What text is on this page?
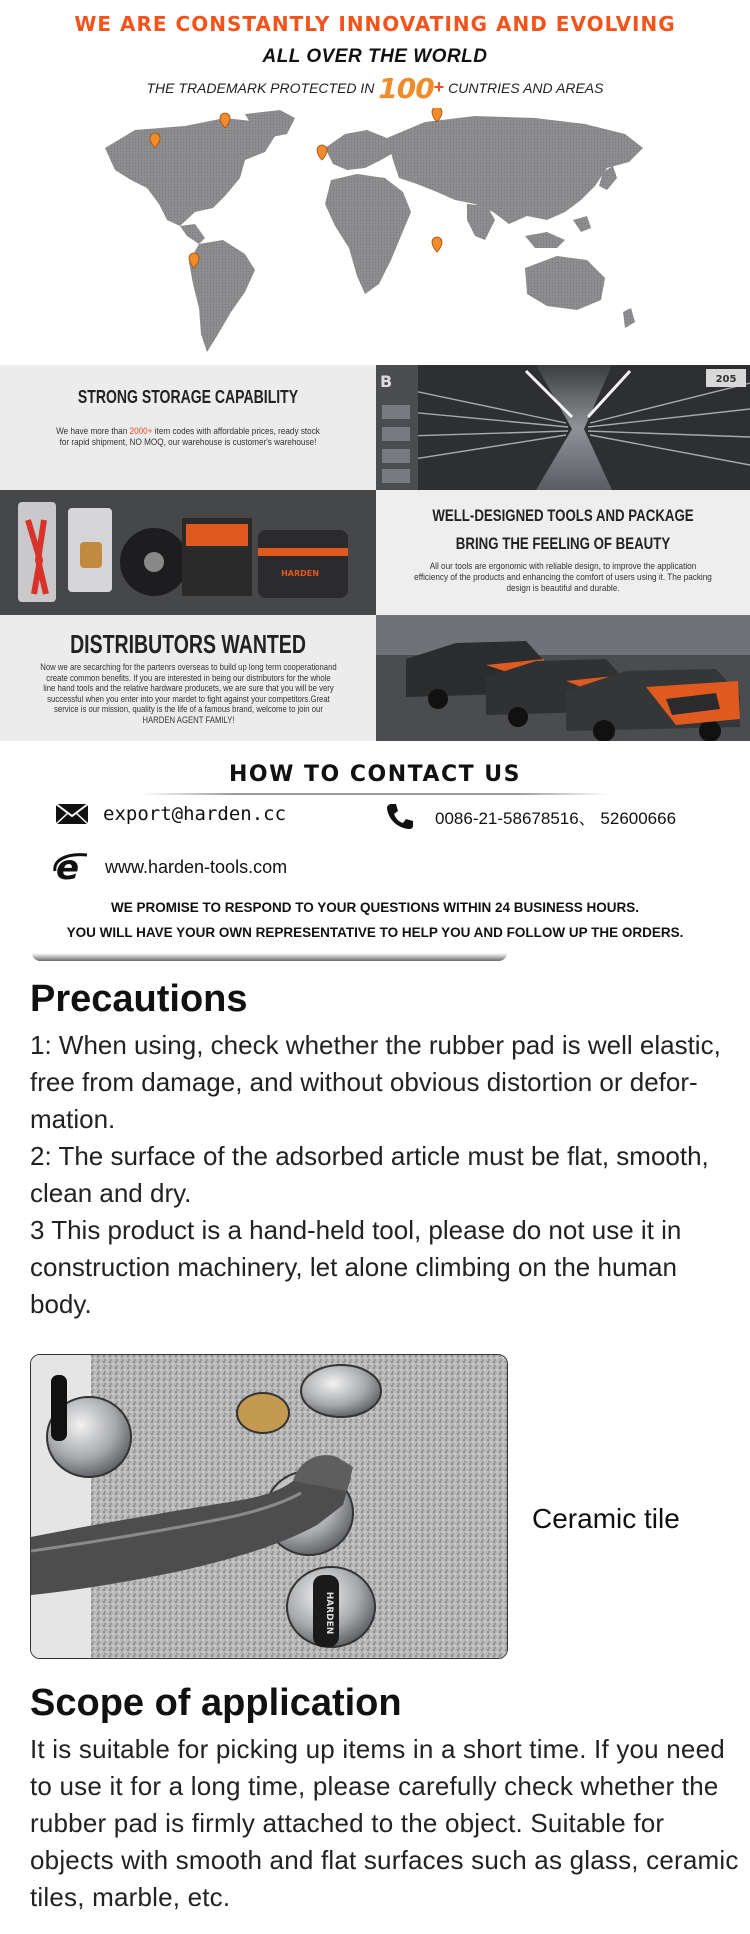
WE ARE CONSTANTLY INNOVATING AND EVOLVING
ALL OVER THE WORLD
THE TRADEMARK PROTECTED IN 100+ CUNTRIES AND AREAS
STRONG STORAGE CAPABILITY
We have more than 2000+ item codes with affordable prices, ready stock for rapid shipment, NO MOQ, our warehouse is customer's warehouse!
B	205
HARDEN
WELL-DESIGNED TOOLS AND PACKAGE
BRING THE FEELING OF BEAUTY
All our tools are ergonomic with reliable design, to improve the application efficiency of the products and enhancing the comfort of users using it. The packing design is beautiful and durable.
DISTRIBUTORS WANTED
Now we are secarching for the partenrs overseas to build up long term cooperationand create common benefits. If you are interested in being our distributors for the whole line hand tools and the relative hardware producets, we are sure that you will be very successful when you enter into your mardet to fight against your competitors.Great service is our mission, quality is the life of a famous brand, welcome to join our HARDEN AGENT FAMILY!
HOW TO CONTACT US
export@harden.cc	0086-21-58678516、 52600666
e www.harden-tools.com
WE PROMISE TO RESPOND TO YOUR QUESTIONS WITHIN 24 BUSINESS HOURS.
YOU WILL HAVE YOUR OWN REPRESENTATIVE TO HELP YOU AND FOLLOW UP THE ORDERS.
Precautions

1: When using, check whether the rubber pad is well elastic, free from damage, and without obvious distortion or defor- mation.

2: The surface of the adsorbed article must be flat, smooth, clean and dry.

3 This product is a hand-held tool, please do not use it in construction machinery, let alone climbing on the human body.

HARDEN
Ceramic tile
Scope of application
It is suitable for picking up items in a short time. If you need to use it for a long time, please carefully check whether the rubber pad is firmly attached to the object. Suitable for objects with smooth and flat surfaces such as glass, ceramic tiles, marble, etc.
